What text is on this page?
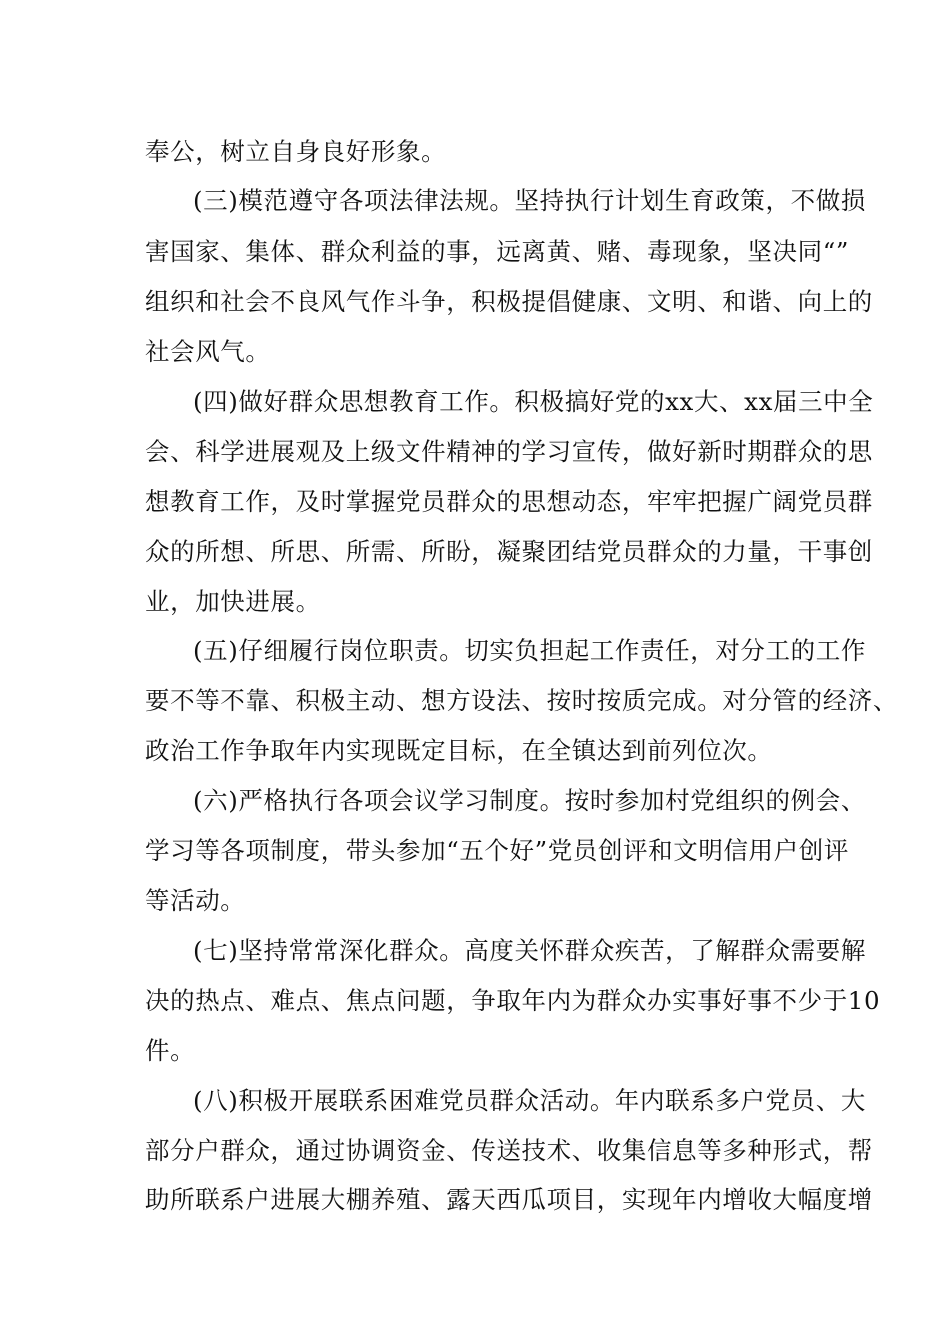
奉公，树立自身良好形象。
(三)模范遵守各项法律法规。坚持执行计划生育政策，不做损
害国家、集体、群众利益的事，远离黄、赌、毒现象，坚决同“”
组织和社会不良风气作斗争，积极提倡健康、文明、和谐、向上的
社会风气。
(四)做好群众思想教育工作。积极搞好党的xx大、xx届三中全
会、科学进展观及上级文件精神的学习宣传，做好新时期群众的思
想教育工作，及时掌握党员群众的思想动态，牢牢把握广阔党员群
众的所想、所思、所需、所盼，凝聚团结党员群众的力量，干事创
业，加快进展。
(五)仔细履行岗位职责。切实负担起工作责任，对分工的工作
要不等不靠、积极主动、想方设法、按时按质完成。对分管的经济、
政治工作争取年内实现既定目标，在全镇达到前列位次。
(六)严格执行各项会议学习制度。按时参加村党组织的例会、
学习等各项制度，带头参加“五个好”党员创评和文明信用户创评
等活动。
(七)坚持常常深化群众。高度关怀群众疾苦，了解群众需要解
决的热点、难点、焦点问题，争取年内为群众办实事好事不少于10
件。
(八)积极开展联系困难党员群众活动。年内联系多户党员、大
部分户群众，通过协调资金、传送技术、收集信息等多种形式，帮
助所联系户进展大棚养殖、露天西瓜项目，实现年内增收大幅度增
